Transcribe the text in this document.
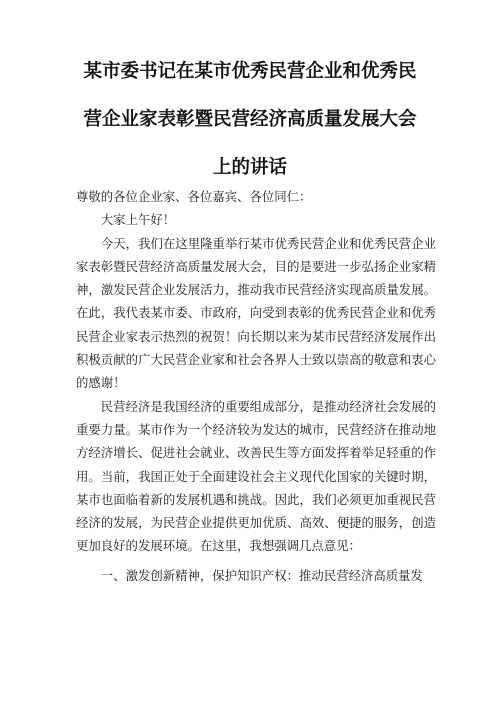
某市委书记在某市优秀民营企业和优秀民
营企业家表彰暨民营经济高质量发展大会
上的讲话

尊敬的各位企业家、各位嘉宾、各位同仁：

大家上午好！

今天，我们在这里隆重举行某市优秀民营企业和优秀民营企业家表彰暨民营经济高质量发展大会，目的是要进一步弘扬企业家精神，激发民营企业发展活力，推动我市民营经济实现高质量发展。在此，我代表某市委、市政府，向受到表彰的优秀民营企业和优秀民营企业家表示热烈的祝贺！向长期以来为某市民营经济发展作出积极贡献的广大民营企业家和社会各界人士致以崇高的敬意和衷心的感谢！

民营经济是我国经济的重要组成部分，是推动经济社会发展的重要力量。某市作为一个经济较为发达的城市，民营经济在推动地方经济增长、促进社会就业、改善民生等方面发挥着举足轻重的作用。当前，我国正处于全面建设社会主义现代化国家的关键时期，某市也面临着新的发展机遇和挑战。因此，我们必须更加重视民营经济的发展，为民营企业提供更加优质、高效、便捷的服务，创造更加良好的发展环境。在这里，我想强调几点意见：

一、激发创新精神，保护知识产权：推动民营经济高质量发
